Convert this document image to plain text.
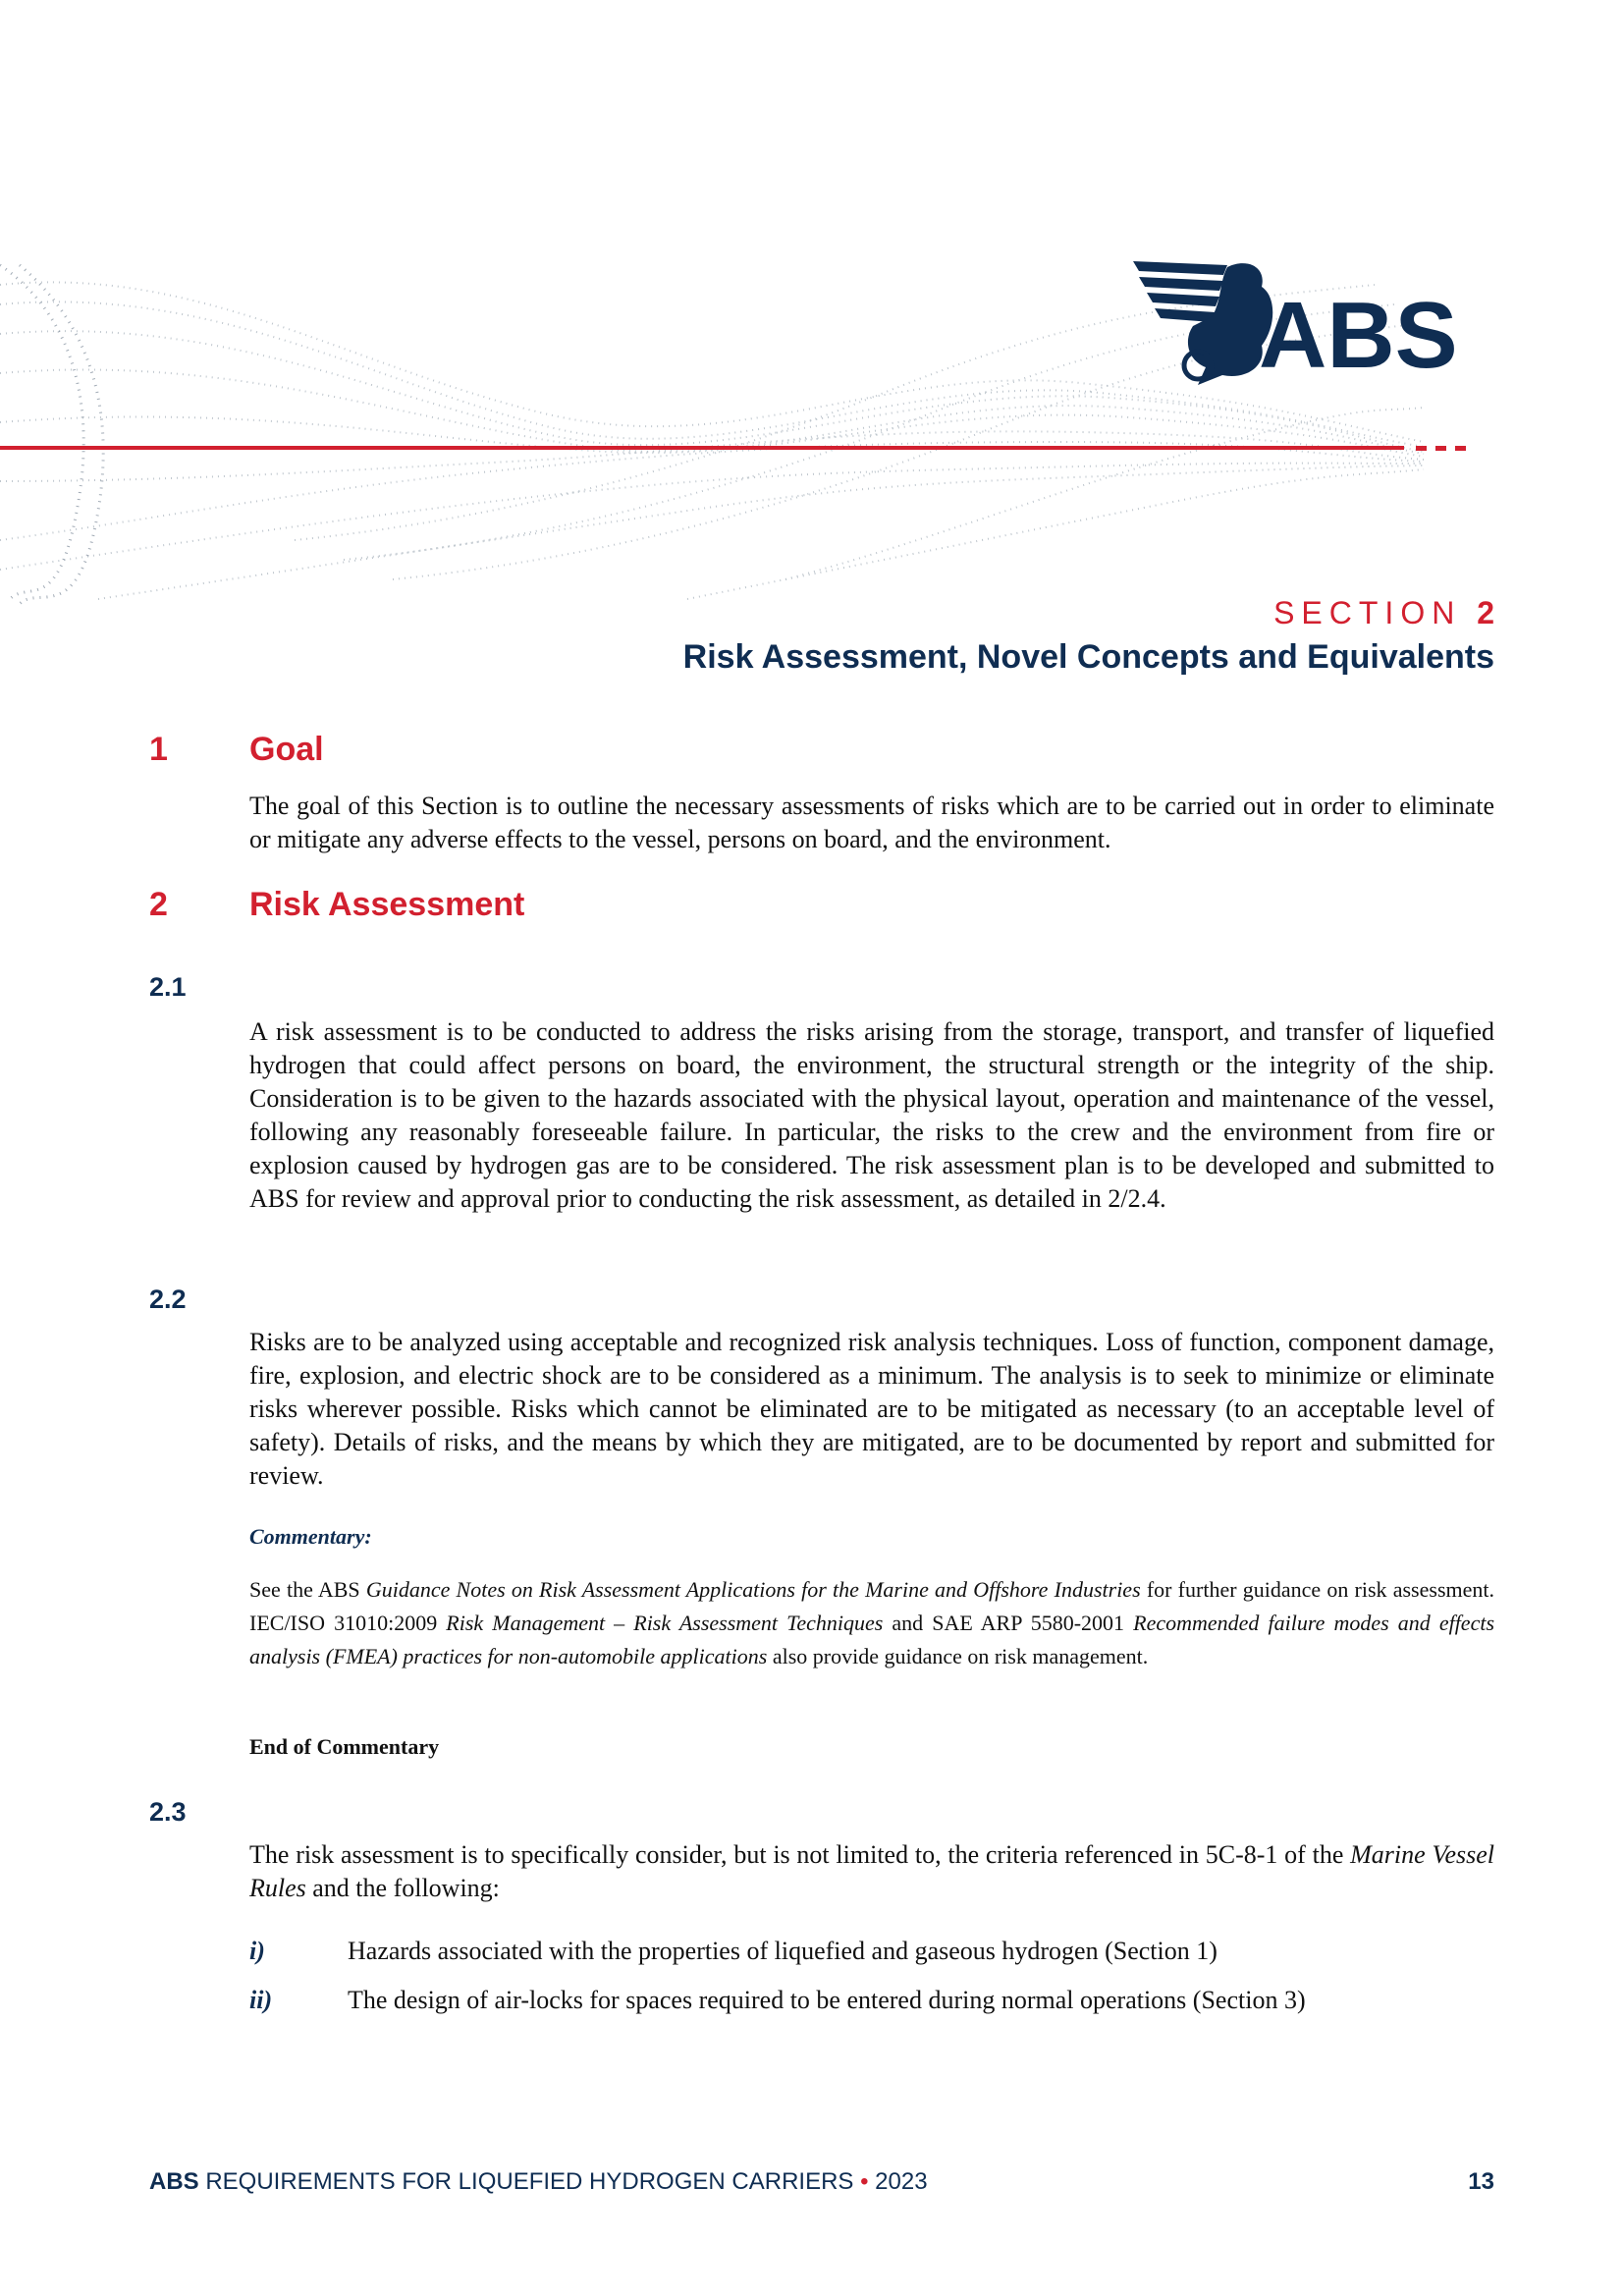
ABS
SECTION 2
Risk Assessment, Novel Concepts and Equivalents
1 Goal

The goal of this Section is to outline the necessary assessments of risks which are to be carried out in order to eliminate or mitigate any adverse effects to the vessel, persons on board, and the environment.

2 Risk Assessment
2.1

A risk assessment is to be conducted to address the risks arising from the storage, transport, and transfer of liquefied hydrogen that could affect persons on board, the environment, the structural strength or the integrity of the ship. Consideration is to be given to the hazards associated with the physical layout, operation and maintenance of the vessel, following any reasonably foreseeable failure. In particular, the risks to the crew and the environment from fire or explosion caused by hydrogen gas are to be considered. The risk assessment plan is to be developed and submitted to ABS for review and approval prior to conducting the risk assessment, as detailed in 2/2.4.

2.2

Risks are to be analyzed using acceptable and recognized risk analysis techniques. Loss of function, component damage, fire, explosion, and electric shock are to be considered as a minimum. The analysis is to seek to minimize or eliminate risks wherever possible. Risks which cannot be eliminated are to be mitigated as necessary (to an acceptable level of safety). Details of risks, and the means by which they are mitigated, are to be documented by report and submitted for review.

Commentary:

See the ABS Guidance Notes on Risk Assessment Applications for the Marine and Offshore Industries for further guidance on risk assessment. IEC/ISO 31010:2009 Risk Management – Risk Assessment Techniques and SAE ARP 5580-2001 Recommended failure modes and effects analysis (FMEA) practices for non-automobile applications also provide guidance on risk management.

End of Commentary
2.3

The risk assessment is to specifically consider, but is not limited to, the criteria referenced in 5C-8-1 of the Marine Vessel Rules and the following:

i)	Hazards associated with the properties of liquefied and gaseous hydrogen (Section 1)
ii)	The design of air-locks for spaces required to be entered during normal operations (Section 3)
ABS REQUIREMENTS FOR LIQUEFIED HYDROGEN CARRIERS • 2023	13
